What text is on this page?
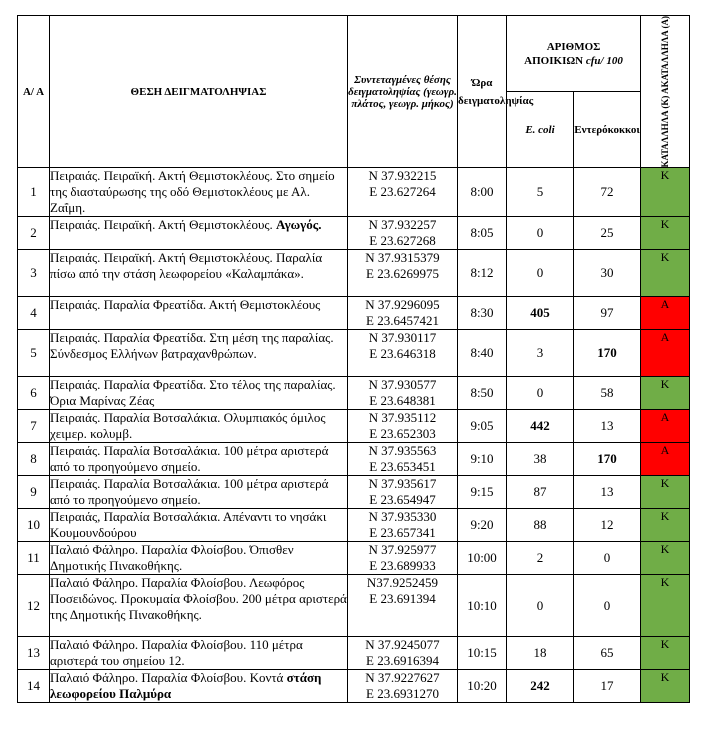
Α/ Α	ΘΕΣΗ ΔΕΙΓΜΑΤΟΛΗΨΙΑΣ	Συντεταγμένες θέσης δειγματοληψίας (γεωγρ. πλάτος, γεωγρ. μήκος)	Ώρα δειγματοληψίας	ΑΡΙΘΜΟΣ
ΑΠΟΙΚΙΩΝ cfu/ 100		ΚΑΤΑΛΛΗΛΑ (Κ) ΑΚΑΤΑΛΛΗΛΑ (Α)

				E. coli	Εντερόκοκκοι	
1	Πειραιάς. Πειραϊκή. Ακτή Θεμιστοκλέους. Στο σημείο της διασταύρωσης της οδό Θεμιστοκλέους με Αλ. Ζαΐμη.	N 37.932215
E 23.627264	8:00	5	72	Κ
2	Πειραιάς. Πειραϊκή. Ακτή Θεμιστοκλέους. Αγωγός.	N 37.932257
E 23.627268	8:05	0	25	Κ
3	Πειραιάς. Πειραϊκή. Ακτή Θεμιστοκλέους. Παραλία πίσω από την στάση λεωφορείου «Καλαμπάκα».	N 37.9315379
E 23.6269975	8:12	0	30	Κ
4	Πειραιάς. Παραλία Φρεατίδα. Ακτή Θεμιστοκλέους	N 37.9296095
E 23.6457421	8:30	405	97	Α
5	Πειραιάς. Παραλία Φρεατίδα. Στη μέση της παραλίας. Σύνδεσμος Ελλήνων βατραχανθρώπων.	N 37.930117
E 23.646318	8:40	3	170	Α
6	Πειραιάς. Παραλία Φρεατίδα. Στο τέλος της παραλίας. Όρια Μαρίνας Ζέας	N 37.930577
E 23.648381	8:50	0	58	Κ
7	Πειραιάς. Παραλία Βοτσαλάκια. Ολυμπιακός όμιλος χειμερ. κολυμβ.	N 37.935112
E 23.652303	9:05	442	13	Α
8	Πειραιάς. Παραλία Βοτσαλάκια. 100 μέτρα αριστερά από το προηγούμενο σημείο.	N 37.935563
E 23.653451	9:10	38	170	Α
9	Πειραιάς. Παραλία Βοτσαλάκια. 100 μέτρα αριστερά από το προηγούμενο σημείο.	N 37.935617
E 23.654947	9:15	87	13	Κ
10	Πειραιάς, Παραλία Βοτσαλάκια. Απέναντι το νησάκι Κουμουνδούρου	N 37.935330
E 23.657341	9:20	88	12	Κ
11	Παλαιό Φάληρο. Παραλία Φλοίσβου. Όπισθεν Δημοτικής Πινακοθήκης.	N 37.925977
E 23.689933	10:00	2	0	Κ
12	Παλαιό Φάληρο. Παραλία Φλοίσβου. Λεωφόρος Ποσειδώνος. Προκυμαία Φλοίσβου. 200 μέτρα αριστερά της Δημοτικής Πινακοθήκης.	N37.9252459
E 23.691394	10:10	0	0	Κ
13	Παλαιό Φάληρο. Παραλία Φλοίσβου. 110 μέτρα αριστερά του σημείου 12.	N 37.9245077
E 23.6916394	10:15	18	65	Κ
14	Παλαιό Φάληρο. Παραλία Φλοίσβου. Κοντά στάση λεωφορείου Παλμύρα	N 37.9227627
E 23.6931270	10:20	242	17	Κ
